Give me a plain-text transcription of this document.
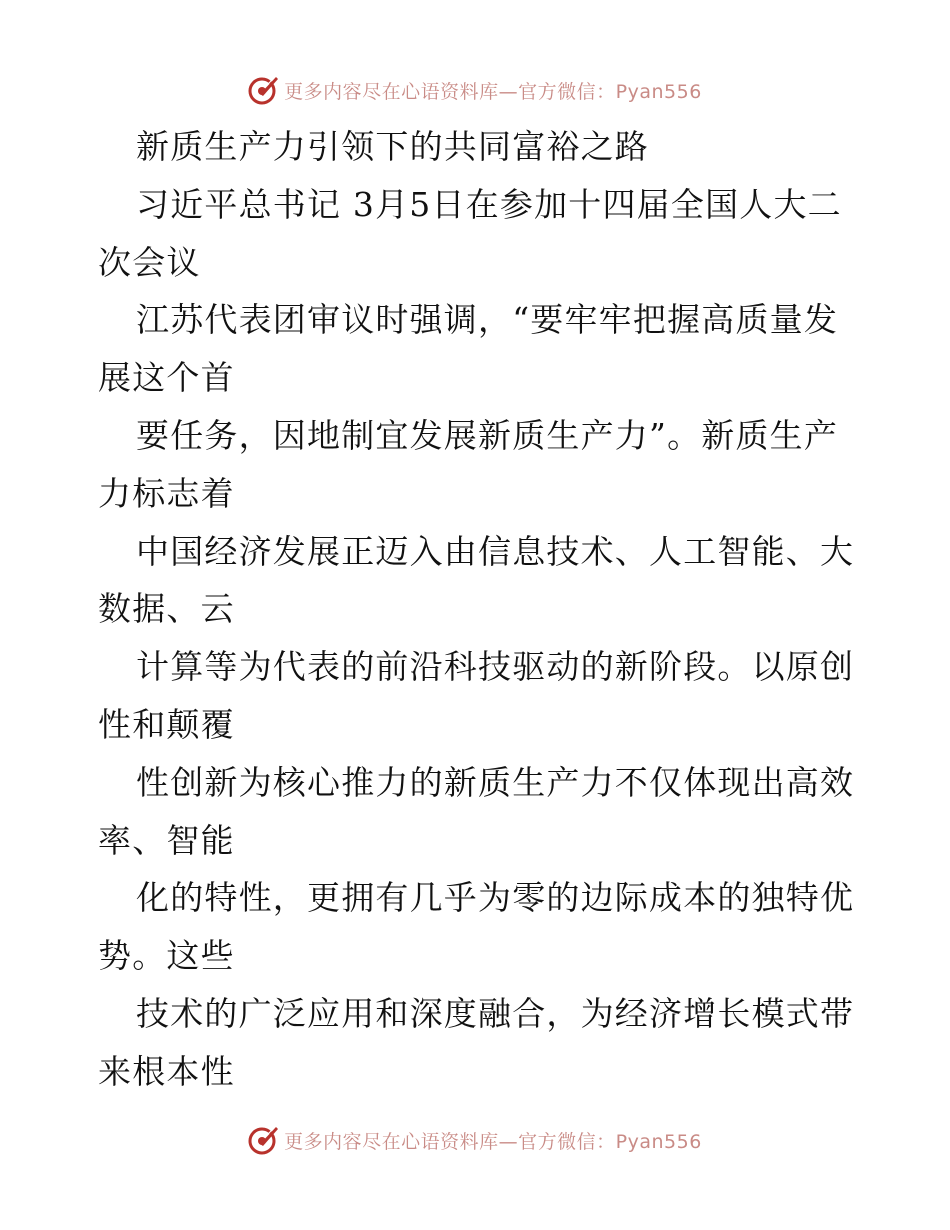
更多内容尽在心语资料库—官方微信：Pyan556
新质生产力引领下的共同富裕之路
习近平总书记 3月5日在参加十四届全国人大二
次会议
江苏代表团审议时强调，“要牢牢把握高质量发
展这个首
要任务，因地制宜发展新质生产力”。新质生产
力标志着
中国经济发展正迈入由信息技术、人工智能、大
数据、云
计算等为代表的前沿科技驱动的新阶段。以原创
性和颠覆
性创新为核心推力的新质生产力不仅体现出高效
率、智能
化的特性，更拥有几乎为零的边际成本的独特优
势。这些
技术的广泛应用和深度融合，为经济增长模式带
来根本性
更多内容尽在心语资料库—官方微信：Pyan556
